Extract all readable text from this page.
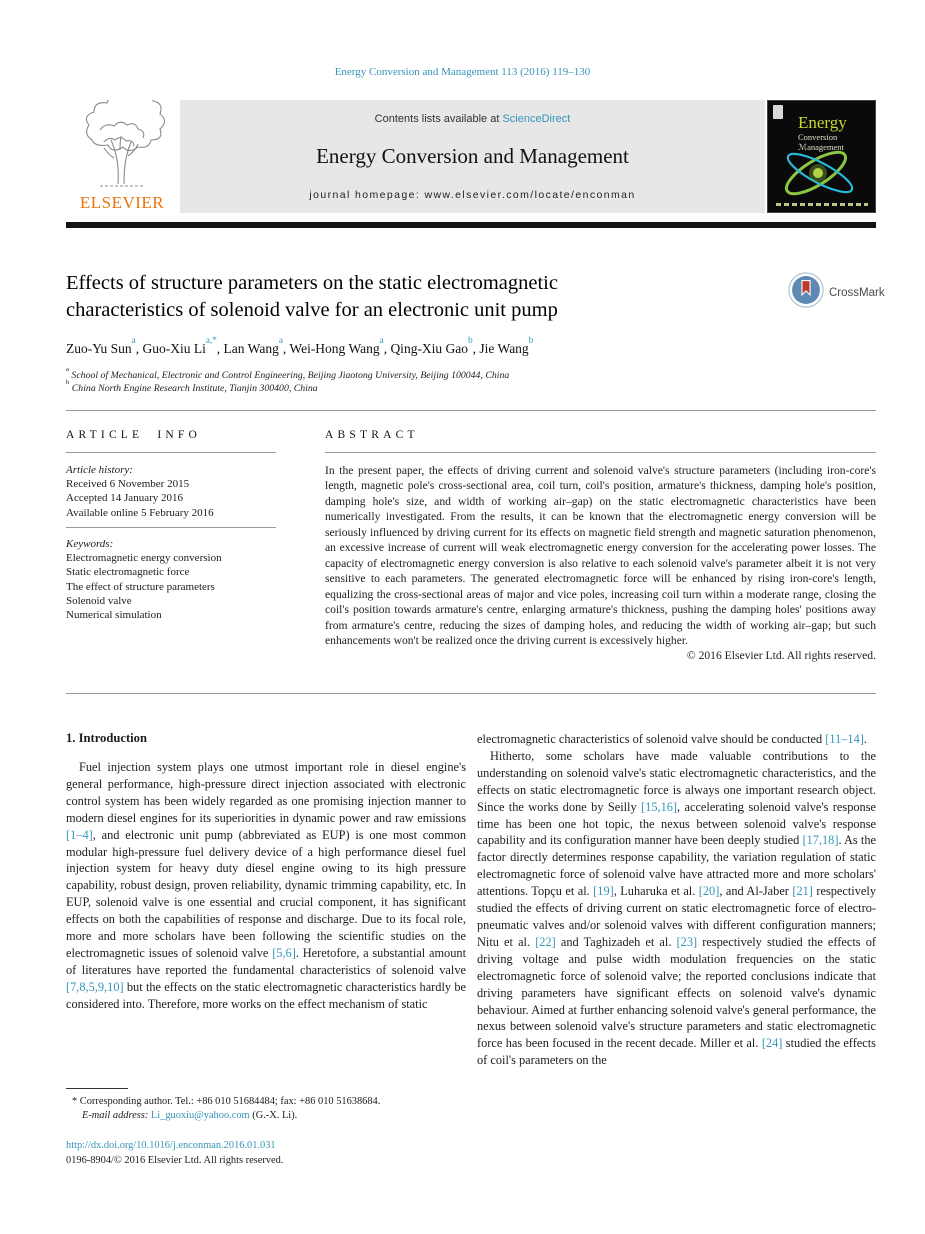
Energy Conversion and Management 113 (2016) 119–130
ELSEVIER
Contents lists available at ScienceDirect
Energy Conversion and Management
journal homepage: www.elsevier.com/locate/enconman
Energy
Conversion
ℳanagement
Effects of structure parameters on the static electromagnetic
characteristics of solenoid valve for an electronic unit pump
CrossMark
Zuo-Yu Sun$^a$, Guo-Xiu $Li^{a,*}$, Lan Wang$^a$, Wei-Hong Wang$^a$, Qing-Xiu Gao$^b$, Jie Wang$^b$
$^a$ School of Mechanical, Electronic and Control Engineering, Beijing Jiaotong University, Beijing 100044, China
$^b$ China North Engine Research Institute, Tianjin 300400, China
ARTICLE INFO	ABSTRACT
Article history:
Received 6 November 2015
Accepted 14 January 2016
Available online 5 February 2016
Keywords:
Electromagnetic energy conversion
Static electromagnetic force
The effect of structure parameters
Solenoid valve
Numerical simulation
In the present paper, the effects of driving current and solenoid valve's structure parameters (including iron-core's length, magnetic pole's cross-sectional area, coil turn, coil's position, armature's thickness, damping hole's position, damping hole's size, and width of working air–gap) on the static electromagnetic characteristics have been numerically investigated. From the results, it can be known that the electromagnetic energy conversion will be seriously influenced by driving current for its effects on magnetic field strength and magnetic saturation phenomenon, an excessive increase of current will weak electromagnetic energy conversion for the accelerating power losses. The capacity of electromagnetic energy conversion is also relative to each solenoid valve's parameter albeit it is not very sensitive to each parameters. The generated electromagnetic force will be enhanced by rising iron-core's length, equalizing the cross-sectional areas of major and vice poles, increasing coil turn within a moderate range, closing the coil's position towards armature's centre, enlarging armature's thickness, pushing the damping holes' positions away from armature's centre, reducing the sizes of damping holes, and reducing the width of working air–gap; but such enhancements won't be realized once the driving current is excessively higher.
© 2016 Elsevier Ltd. All rights reserved.
1. Introduction
Fuel injection system plays one utmost important role in diesel engine's general performance, high-pressure direct injection associated with electronic control system has been widely regarded as one promising injection manner to modern diesel engines for its superiorities in dynamic power and raw emissions [1–4], and electronic unit pump (abbreviated as EUP) is one most common modular high-pressure fuel delivery device of a high performance diesel fuel injection system for heavy duty diesel engine owing to its high pressure capability, robust design, proven reliability, dynamic trimming capability, etc. In EUP, solenoid valve is one essential and crucial component, it has significant effects on both the capabilities of response and discharge. Due to its focal role, more and more scholars have been following the scientific studies on the electromagnetic issues of solenoid valve [5,6]. Heretofore, a substantial amount of literatures have reported the fundamental characteristics of solenoid valve [7,8,5,9,10] but the effects on the static electromagnetic characteristics hardly be considered into. Therefore, more works on the effect mechanism of static
electromagnetic characteristics of solenoid valve should be conducted [11–14].
Hitherto, some scholars have made valuable contributions to the understanding on solenoid valve's static electromagnetic characteristics, and the effects on static electromagnetic force is always one important research object. Since the works done by Seilly [15,16], accelerating solenoid valve's response time has been one hot topic, the nexus between solenoid valve's response capability and its configuration manner have been deeply studied [17,18]. As the factor directly determines response capability, the variation regulation of static electromagnetic force of solenoid valve have attracted more and more scholars' attentions. Topçu et al. [19], Luharuka et al. [20], and Al-Jaber [21] respectively studied the effects of driving current on static electromagnetic force of electro-pneumatic valves and/or solenoid valves with different configuration manners; Nitu et al. [22] and Taghizadeh et al. [23] respectively studied the effects of driving voltage and pulse width modulation frequencies on the static electromagnetic force of solenoid valve; the reported conclusions indicate that driving parameters have significant effects on solenoid valve's dynamic behaviour. Aimed at further enhancing solenoid valve's general performance, the nexus between solenoid valve's structure parameters and static electromagnetic force has been focused in the recent decade. Miller et al. [24] studied the effects of coil's parameters on the
* Corresponding author. Tel.: +86 010 51684484; fax: +86 010 51638684.
E-mail address: Li_guoxiu@yahoo.com (G.-X. Li).
http://dx.doi.org/10.1016/j.enconman.2016.01.031
0196-8904/© 2016 Elsevier Ltd. All rights reserved.
